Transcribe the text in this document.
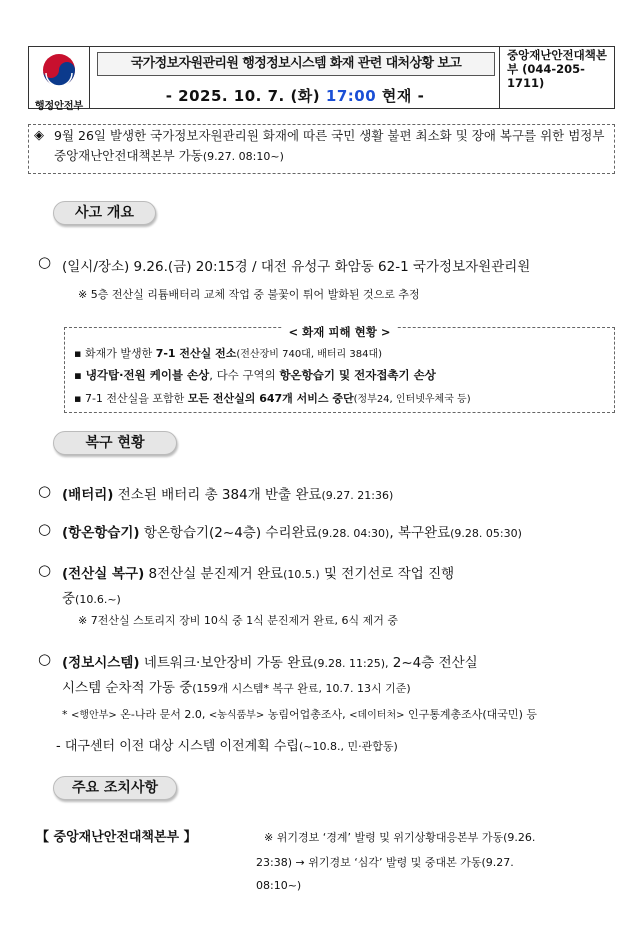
행정안전부
국가정보자원관리원 행정정보시스템 화재 관련 대처상황 보고
- 2025. 10. 7. (화) 17:00 현재 -
중앙재난안전대책본부 (044-205-1711)
◈ 9월 26일 발생한 국가정보자원관리원 화재에 따른 국민 생활 불편 최소화 및 장애 복구를 위한 범정부 중앙재난안전대책본부 가동(9.27. 08:10~)
사고 개요
○ (일시/장소) 9.26.(금) 20:15경 / 대전 유성구 화암동 62-1 국가정보자원관리원
※ 5층 전산실 리튬배터리 교체 작업 중 불꽃이 튀어 발화된 것으로 추정
< 화재 피해 현황 >
▪ 화재가 발생한 7-1 전산실 전소(전산장비 740대, 배터리 384대)
▪ 냉각탑·전원 케이블 손상, 다수 구역의 항온항습기 및 전자접촉기 손상
▪ 7-1 전산실을 포함한 모든 전산실의 647개 서비스 중단(정부24, 인터넷우체국 등)
복구 현황
○ (배터리) 전소된 배터리 총 384개 반출 완료(9.27. 21:36)
○ (항온항습기) 항온항습기(2~4층) 수리완료(9.28. 04:30), 복구완료(9.28. 05:30)
○ (전산실 복구) 8전산실 분진제거 완료(10.5.) 및 전기선로 작업 진행
중(10.6.~)
※ 7전산실 스토리지 장비 10식 중 1식 분진제거 완료, 6식 제거 중
○ (정보시스템) 네트워크·보안장비 가동 완료(9.28. 11:25), 2~4층 전산실
시스템 순차적 가동 중(159개 시스템* 복구 완료, 10.7. 13시 기준)
* <행안부> 온-나라 문서 2.0, <농식품부> 농림어업총조사, <데이터처> 인구통계총조사(대국민) 등
- 대구센터 이전 대상 시스템 이전계획 수립(~10.8., 민·관합동)
주요 조치사항
【 중앙재난안전대책본부 】	※ 위기경보 ‘경계’ 발령 및 위기상황대응본부 가동(9.26.
23:38) → 위기경보 ‘심각’ 발령 및 중대본 가동(9.27.
08:10~)
